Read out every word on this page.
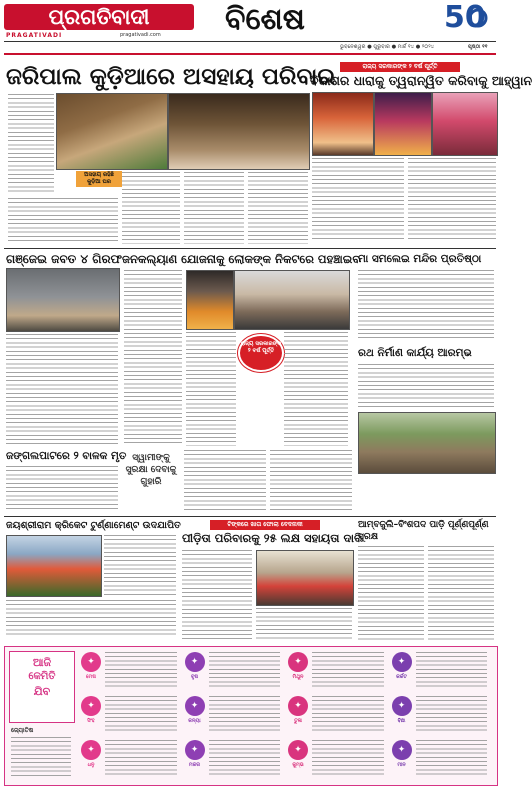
ପ୍ରଗତିବାଦୀ
PRAGATIVADI	pragativadi.com ବିଶେଷ	50
ଭୁବନେଶ୍ୱର ● ଗୁରୁବାର ● ମାର୍ଚ୍ଚ ୧୪ ● ୨୦୨୪	ପୃଷ୍ଠା ୧୧
ଜରିପାଲ କୁଡ଼ିଆରେ ଅସହାୟ ପରିବାର
ଅସହାୟ ରହିଛି କୁଡ଼ିଆ ଘର
ରାଜ୍ୟ ସରକାରଙ୍କ ୨ ବର୍ଷ ପୂର୍ତ୍ତି
ବିକାଶର ଧାରାକୁ ତ୍ୱରାନ୍ୱିତ କରିବାକୁ ଆହ୍ୱାନ
ଗଞ୍ଜେଇ ଜବତ ୪ ଗିରଫ ଜନକଲ୍ୟାଣ ଯୋଜନାକୁ ଲୋକଙ୍କ ନିକଟରେ ପହଞ୍ଚାଇବ
ରାଜ୍ୟ ସରକାରଙ୍କ ୨ ବର୍ଷ ପୂର୍ତ୍ତି
ମା ସମଲେଇ ମନ୍ଦିର ପ୍ରତିଷ୍ଠା
ରଥ ନିର୍ମାଣ କାର୍ଯ୍ୟ ଆରମ୍ଭ
ଜଙ୍ଗଲପାଟରେ ୨ ବାଳକ ମୃତ ସ୍ୱାମୀଙ୍କୁ ସୁରକ୍ଷା ଦେବାକୁ ଗୁହାରି
ଜୟଶ୍ରୀରାମ କ୍ରିକେଟ ଟୁର୍ଣ୍ଣାମେଣ୍ଟ ଉଦଯାପିତ	ଟିଙ୍କରେ ଖାତା ଫୋଲା ବେଦନାକୀ
ପୀଡ଼ିତା ପରିବାରକୁ ୨୫ ଲକ୍ଷ ସହାୟତା ଦାବି
ଆମ୍ବଜୁଲି–ବିଂଶପଦ ପାଡ଼ି ପୂର୍ଣ୍ଣପୂର୍ଣ୍ଣ ସୁରକ୍ଷ
ଆଜି
କେମିତି
ଯିବ
ଜ୍ୟୋତିଷ
✦
ମେଷ
✦
ବୃଷ
✦
ମିଥୁନ
✦
କର୍କଟ
✦
ସିଂହ
✦
କନ୍ୟା
✦
ତୁଳା
✦
ବିଛା
✦
ଧନୁ
✦
ମକର
✦
କୁମ୍ଭ
✦
ମୀନ
